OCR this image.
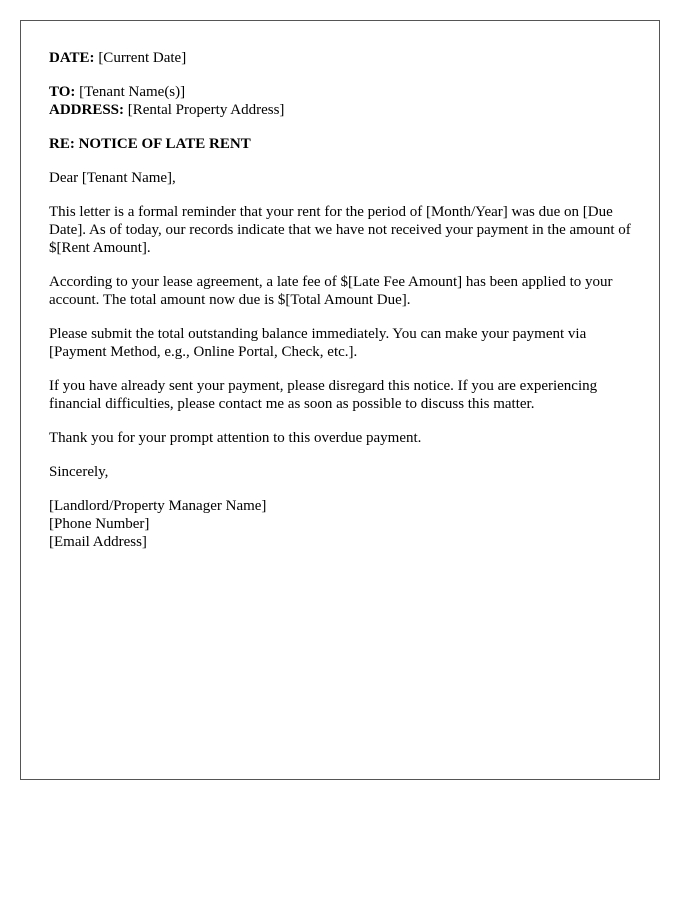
DATE: [Current Date]
TO: [Tenant Name(s)]
ADDRESS: [Rental Property Address]
RE: NOTICE OF LATE RENT
Dear [Tenant Name],

This letter is a formal reminder that your rent for the period of [Month/Year] was due on [Due Date]. As of today, our records indicate that we have not received your payment in the amount of $[Rent Amount].

According to your lease agreement, a late fee of $[Late Fee Amount] has been applied to your account. The total amount now due is $[Total Amount Due].

Please submit the total outstanding balance immediately. You can make your payment via [Payment Method, e.g., Online Portal, Check, etc.].

If you have already sent your payment, please disregard this notice. If you are experiencing financial difficulties, please contact me as soon as possible to discuss this matter.

Thank you for your prompt attention to this overdue payment.

Sincerely,
[Landlord/Property Manager Name]
[Phone Number]
[Email Address]
